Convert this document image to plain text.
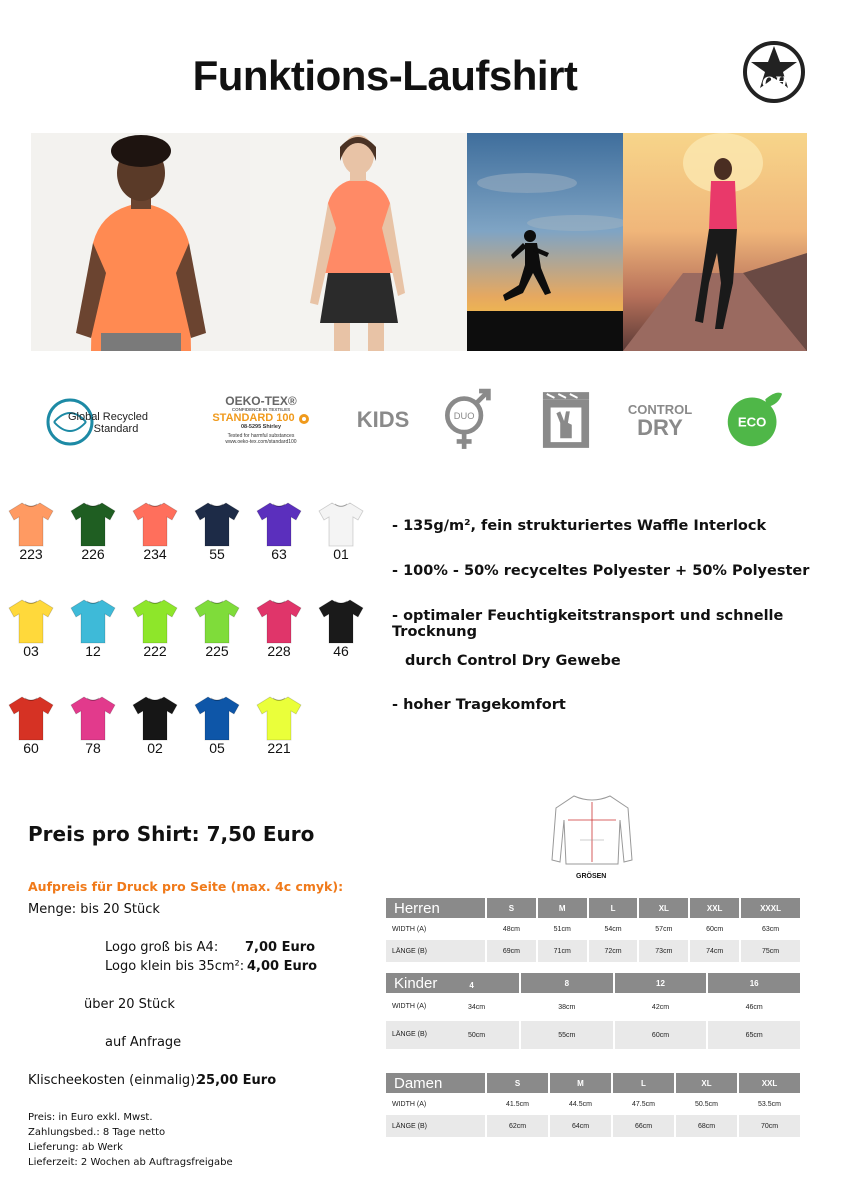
Funktions-Laufshirt	OH
Global Recycled
Standard
OEKO-TEX®
CONFIDENCE IN TEXTILES
STANDARD 100
08-5295 Shirley
Tested for harmful substances
www.oeko-tex.com/standard100
KIDS	DUO	CONTROL
DRY	ECO
223	226	234	55	63	01
03	12	222	225	228	46
60	78	02	05	221
- 135g/m², fein strukturiertes Waffle Interlock
- 100% - 50% recyceltes Polyester + 50% Polyester
- optimaler Feuchtigkeitstransport und schnelle Trocknung
durch Control Dry Gewebe
- hoher Tragekomfort
Preis pro Shirt: 7,50 Euro
Aufpreis für Druck pro Seite (max. 4c cmyk):
Menge: bis 20 Stück
Logo groß bis A4: 7,00 Euro
Logo klein bis 35cm²: 4,00 Euro
über 20 Stück
auf Anfrage
Klischeekosten (einmalig):
25,00 Euro
Preis: in Euro exkl. Mwst.
Zahlungsbed.: 8 Tage netto
Lieferung: ab Werk
Lieferzeit: 2 Wochen ab Auftragsfreigabe
GRÖSEN
Herren	S	M	L	XL	XXL	XXXL
WIDTH (A)	48cm	51cm	54cm	57cm	60cm	63cm
LÄNGE (B)	69cm	71cm	72cm	73cm	74cm	75cm
Kinder 4	8	12	16
WIDTH (A) 34cm	38cm	42cm	46cm
LÄNGE (B) 50cm	55cm	60cm	65cm
Damen	S	M	L	XL	XXL
WIDTH (A)	41.5cm	44.5cm	47.5cm	50.5cm	53.5cm
LÄNGE (B)	62cm	64cm	66cm	68cm	70cm
